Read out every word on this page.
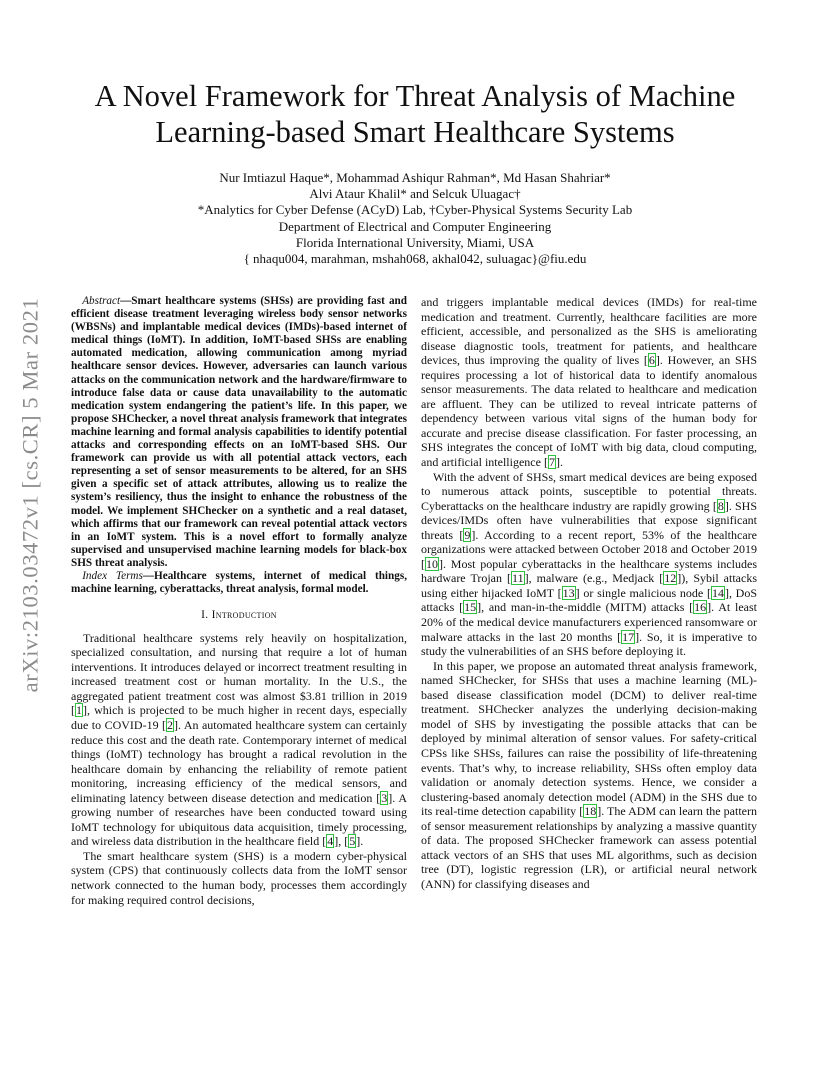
arXiv:2103.03472v1 [cs.CR] 5 Mar 2021
A Novel Framework for Threat Analysis of Machine
Learning-based Smart Healthcare Systems
Nur Imtiazul Haque*, Mohammad Ashiqur Rahman*, Md Hasan Shahriar*
Alvi Ataur Khalil* and Selcuk Uluagac†
*Analytics for Cyber Defense (ACyD) Lab, †Cyber-Physical Systems Security Lab
Department of Electrical and Computer Engineering
Florida International University, Miami, USA
{ nhaqu004, marahman, mshah068, akhal042, suluagac}@fiu.edu

Abstract—Smart healthcare systems (SHSs) are providing fast and efficient disease treatment leveraging wireless body sensor networks (WBSNs) and implantable medical devices (IMDs)-based internet of medical things (IoMT). In addition, IoMT-based SHSs are enabling automated medication, allowing communication among myriad healthcare sensor devices. However, adversaries can launch various attacks on the communication network and the hardware/firmware to introduce false data or cause data unavailability to the automatic medication system endangering the patient’s life. In this paper, we propose SHChecker, a novel threat analysis framework that integrates machine learning and formal analysis capabilities to identify potential attacks and corresponding effects on an IoMT-based SHS. Our framework can provide us with all potential attack vectors, each representing a set of sensor measurements to be altered, for an SHS given a specific set of attack attributes, allowing us to realize the system’s resiliency, thus the insight to enhance the robustness of the model. We implement SHChecker on a synthetic and a real dataset, which affirms that our framework can reveal potential attack vectors in an IoMT system. This is a novel effort to formally analyze supervised and unsupervised machine learning models for black-box SHS threat analysis.

Index Terms—Healthcare systems, internet of medical things, machine learning, cyberattacks, threat analysis, formal model.

I. Introduction

Traditional healthcare systems rely heavily on hospitalization, specialized consultation, and nursing that require a lot of human interventions. It introduces delayed or incorrect treatment resulting in increased treatment cost or human mortality. In the U.S., the aggregated patient treatment cost was almost $3.81 trillion in 2019 [1], which is projected to be much higher in recent days, especially due to COVID-19 [2]. An automated healthcare system can certainly reduce this cost and the death rate. Contemporary internet of medical things (IoMT) technology has brought a radical revolution in the healthcare domain by enhancing the reliability of remote patient monitoring, increasing efficiency of the medical sensors, and eliminating latency between disease detection and medication [3]. A growing number of researches have been conducted toward using IoMT technology for ubiquitous data acquisition, timely processing, and wireless data distribution in the healthcare field [4], [5].

The smart healthcare system (SHS) is a modern cyber-physical system (CPS) that continuously collects data from the IoMT sensor network connected to the human body, processes them accordingly for making required control decisions,

and triggers implantable medical devices (IMDs) for real-time medication and treatment. Currently, healthcare facilities are more efficient, accessible, and personalized as the SHS is ameliorating disease diagnostic tools, treatment for patients, and healthcare devices, thus improving the quality of lives [6]. However, an SHS requires processing a lot of historical data to identify anomalous sensor measurements. The data related to healthcare and medication are affluent. They can be utilized to reveal intricate patterns of dependency between various vital signs of the human body for accurate and precise disease classification. For faster processing, an SHS integrates the concept of IoMT with big data, cloud computing, and artificial intelligence [7].

With the advent of SHSs, smart medical devices are being exposed to numerous attack points, susceptible to potential threats. Cyberattacks on the healthcare industry are rapidly growing [8]. SHS devices/IMDs often have vulnerabilities that expose significant threats [9]. According to a recent report, 53% of the healthcare organizations were attacked between October 2018 and October 2019 [10]. Most popular cyberattacks in the healthcare systems includes hardware Trojan [11], malware (e.g., Medjack [12]), Sybil attacks using either hijacked IoMT [13] or single malicious node [14], DoS attacks [15], and man-in-the-middle (MITM) attacks [16]. At least 20% of the medical device manufacturers experienced ransomware or malware attacks in the last 20 months [17]. So, it is imperative to study the vulnerabilities of an SHS before deploying it.

In this paper, we propose an automated threat analysis framework, named SHChecker, for SHSs that uses a machine learning (ML)-based disease classification model (DCM) to deliver real-time treatment. SHChecker analyzes the underlying decision-making model of SHS by investigating the possible attacks that can be deployed by minimal alteration of sensor values. For safety-critical CPSs like SHSs, failures can raise the possibility of life-threatening events. That’s why, to increase reliability, SHSs often employ data validation or anomaly detection systems. Hence, we consider a clustering-based anomaly detection model (ADM) in the SHS due to its real-time detection capability [18]. The ADM can learn the pattern of sensor measurement relationships by analyzing a massive quantity of data. The proposed SHChecker framework can assess potential attack vectors of an SHS that uses ML algorithms, such as decision tree (DT), logistic regression (LR), or artificial neural network (ANN) for classifying diseases and
